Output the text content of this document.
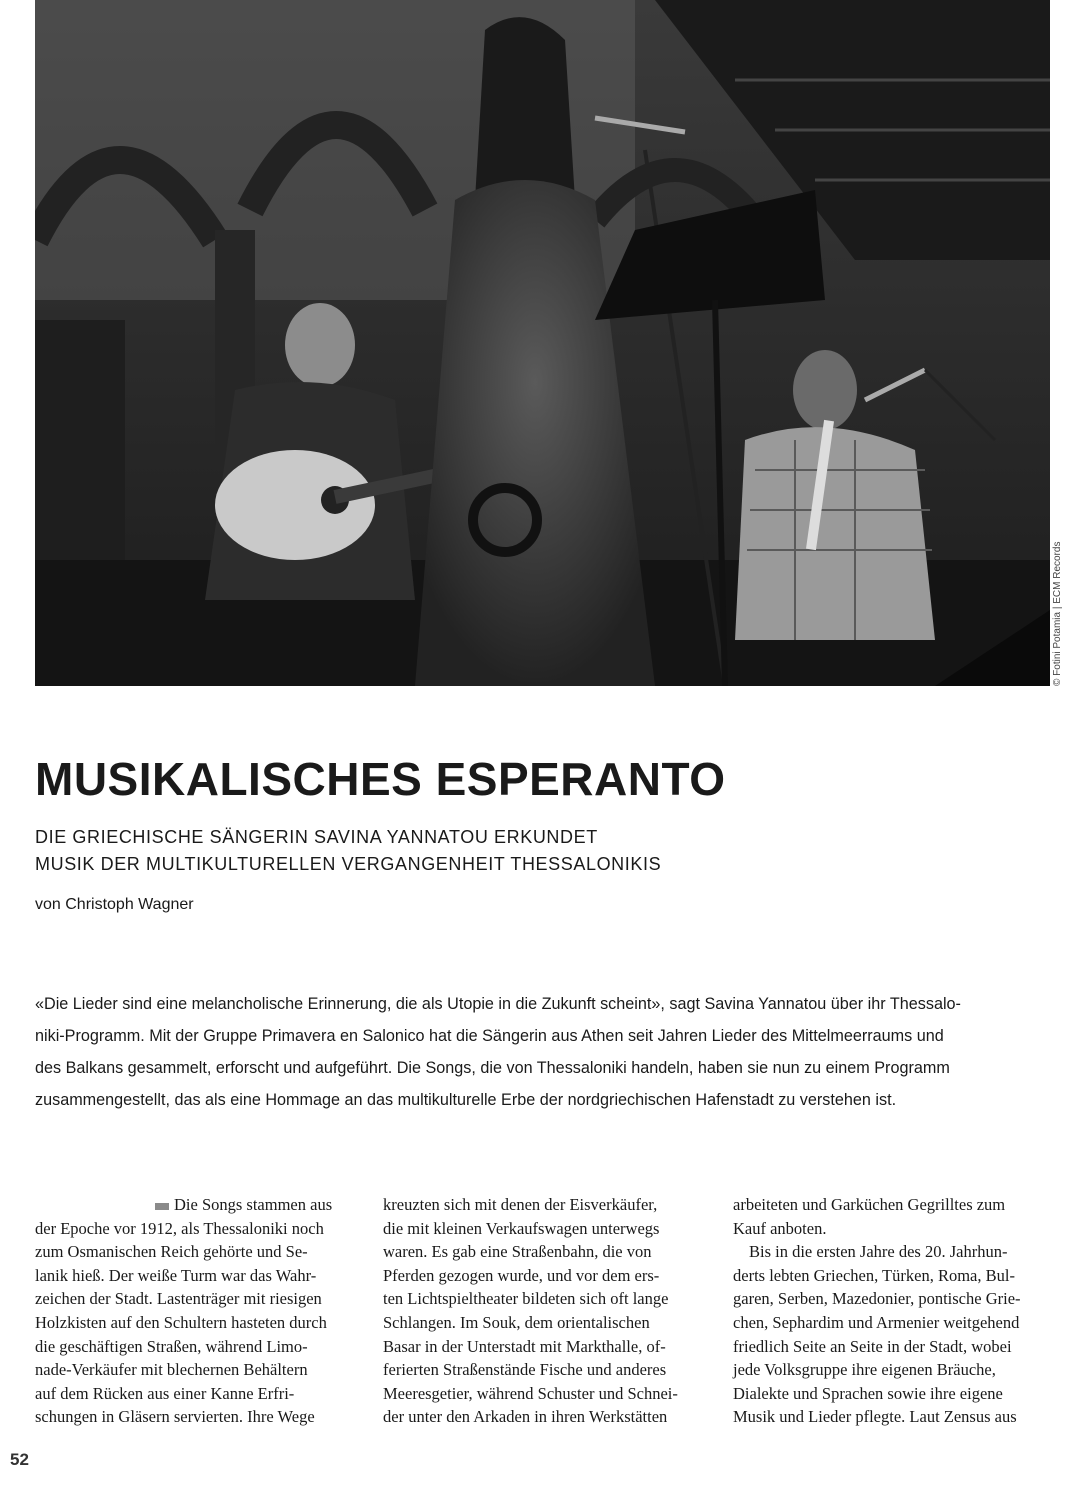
© Fotini Potamia | ECM Records
MUSIKALISCHES ESPERANTO
DIE GRIECHISCHE SÄNGERIN SAVINA YANNATOU ERKUNDET
MUSIK DER MULTIKULTURELLEN VERGANGENHEIT THESSALONIKIS

von Christoph Wagner

«Die Lieder sind eine melancholische Erinnerung, die als Utopie in die Zukunft scheint», sagt Savina Yannatou über ihr Thessalo-
niki-Programm. Mit der Gruppe Primavera en Salonico hat die Sängerin aus Athen seit Jahren Lieder des Mittelmeerraums und
des Balkans gesammelt, erforscht und aufgeführt. Die Songs, die von Thessaloniki handeln, haben sie nun zu einem Programm
zusammengestellt, das als eine Hommage an das multikulturelle Erbe der nordgriechischen Hafenstadt zu verstehen ist.
Die Songs stammen aus
der Epoche vor 1912, als Thessaloniki noch
zum Osmanischen Reich gehörte und Se-
lanik hieß. Der weiße Turm war das Wahr-
zeichen der Stadt. Lastenträger mit riesigen
Holzkisten auf den Schultern hasteten durch
die geschäftigen Straßen, während Limo-
nade-Verkäufer mit blechernen Behältern
auf dem Rücken aus einer Kanne Erfri-
schungen in Gläsern servierten. Ihre Wege
kreuzten sich mit denen der Eisverkäufer,
die mit kleinen Verkaufswagen unterwegs
waren. Es gab eine Straßenbahn, die von
Pferden gezogen wurde, und vor dem ers-
ten Lichtspieltheater bildeten sich oft lange
Schlangen. Im Souk, dem orientalischen
Basar in der Unterstadt mit Markthalle, of-
ferierten Straßenstände Fische und anderes
Meeresgetier, während Schuster und Schnei-
der unter den Arkaden in ihren Werkstätten
arbeiteten und Garküchen Gegrilltes zum
Kauf anboten.
Bis in die ersten Jahre des 20. Jahrhun-
derts lebten Griechen, Türken, Roma, Bul-
garen, Serben, Mazedonier, pontische Grie-
chen, Sephardim und Armenier weitgehend
friedlich Seite an Seite in der Stadt, wobei
jede Volksgruppe ihre eigenen Bräuche,
Dialekte und Sprachen sowie ihre eigene
Musik und Lieder pflegte. Laut Zensus aus
52
